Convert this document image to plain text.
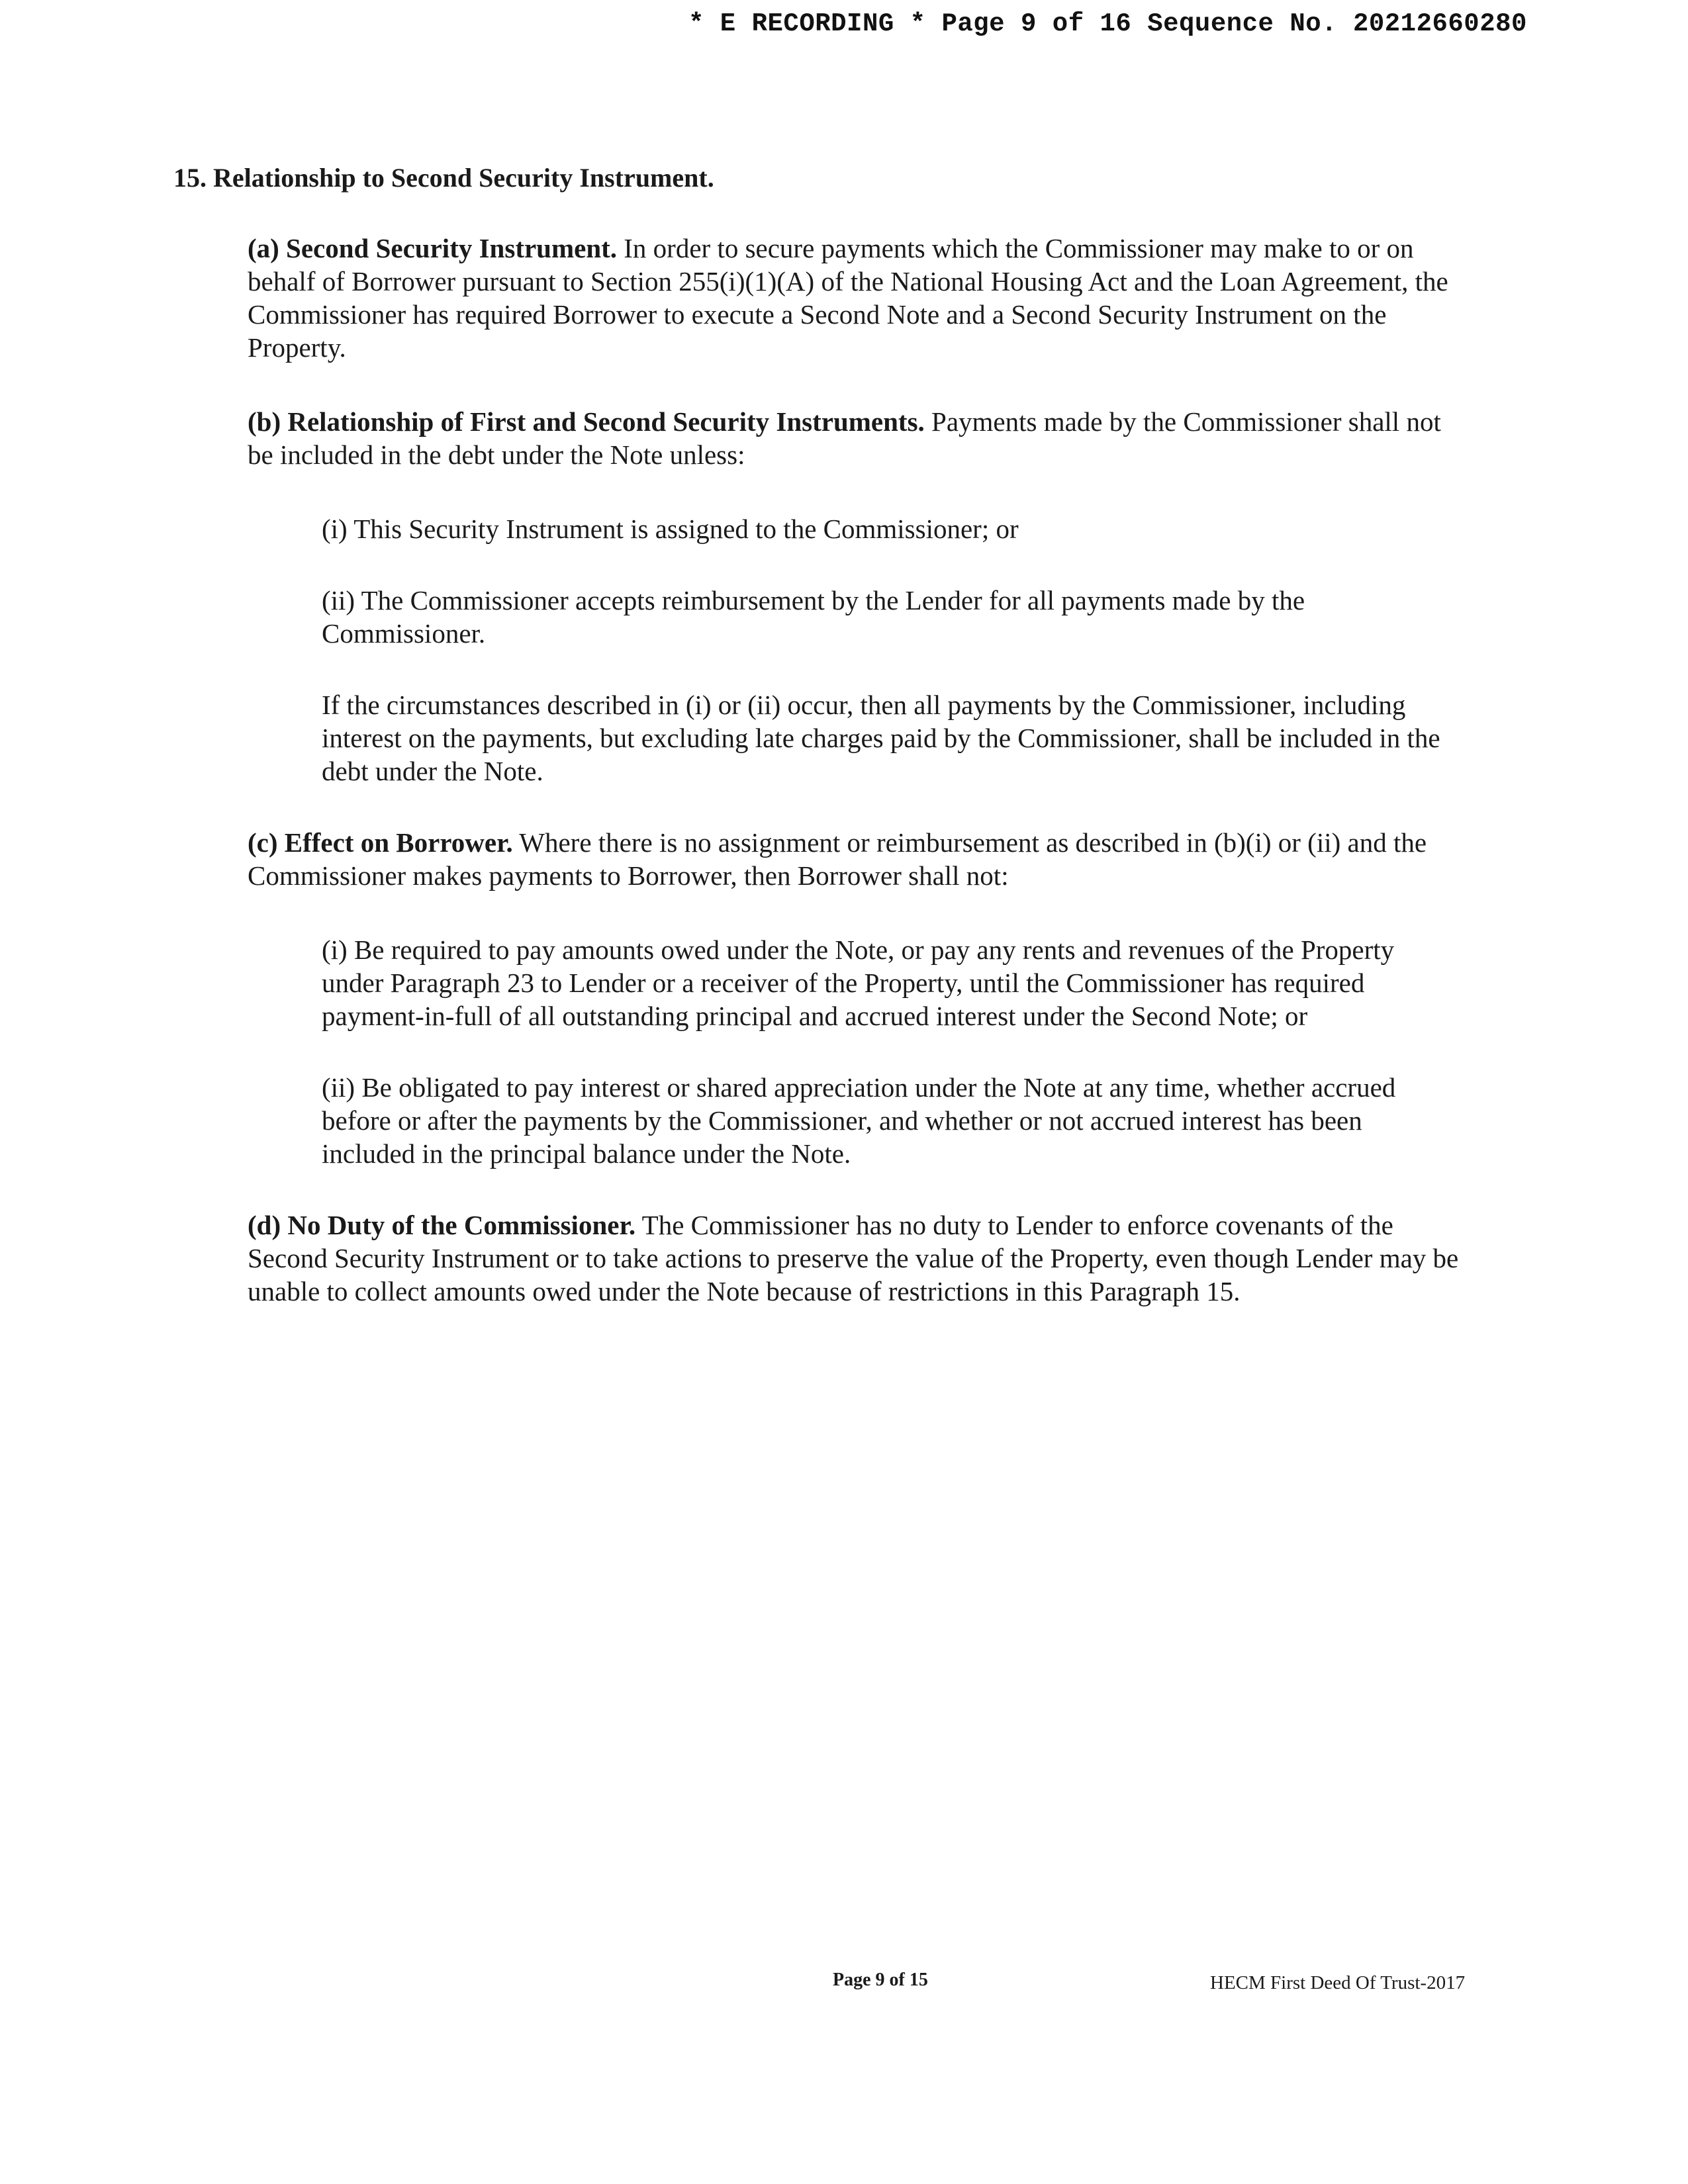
* E RECORDING * Page 9 of 16 Sequence No. 20212660280
15. Relationship to Second Security Instrument.
(a) Second Security Instrument. In order to secure payments which the Commissioner may make to or on behalf of Borrower pursuant to Section 255(i)(1)(A) of the National Housing Act and the Loan Agreement, the Commissioner has required Borrower to execute a Second Note and a Second Security Instrument on the Property.
(b) Relationship of First and Second Security Instruments. Payments made by the Commissioner shall not be included in the debt under the Note unless:
(i) This Security Instrument is assigned to the Commissioner; or
(ii) The Commissioner accepts reimbursement by the Lender for all payments made by the Commissioner.
If the circumstances described in (i) or (ii) occur, then all payments by the Commissioner, including interest on the payments, but excluding late charges paid by the Commissioner, shall be included in the debt under the Note.
(c) Effect on Borrower. Where there is no assignment or reimbursement as described in (b)(i) or (ii) and the Commissioner makes payments to Borrower, then Borrower shall not:
(i) Be required to pay amounts owed under the Note, or pay any rents and revenues of the Property under Paragraph 23 to Lender or a receiver of the Property, until the Commissioner has required payment-in-full of all outstanding principal and accrued interest under the Second Note; or
(ii) Be obligated to pay interest or shared appreciation under the Note at any time, whether accrued before or after the payments by the Commissioner, and whether or not accrued interest has been included in the principal balance under the Note.
(d) No Duty of the Commissioner. The Commissioner has no duty to Lender to enforce covenants of the Second Security Instrument or to take actions to preserve the value of the Property, even though Lender may be unable to collect amounts owed under the Note because of restrictions in this Paragraph 15.
Page 9 of 15	HECM First Deed Of Trust-2017
